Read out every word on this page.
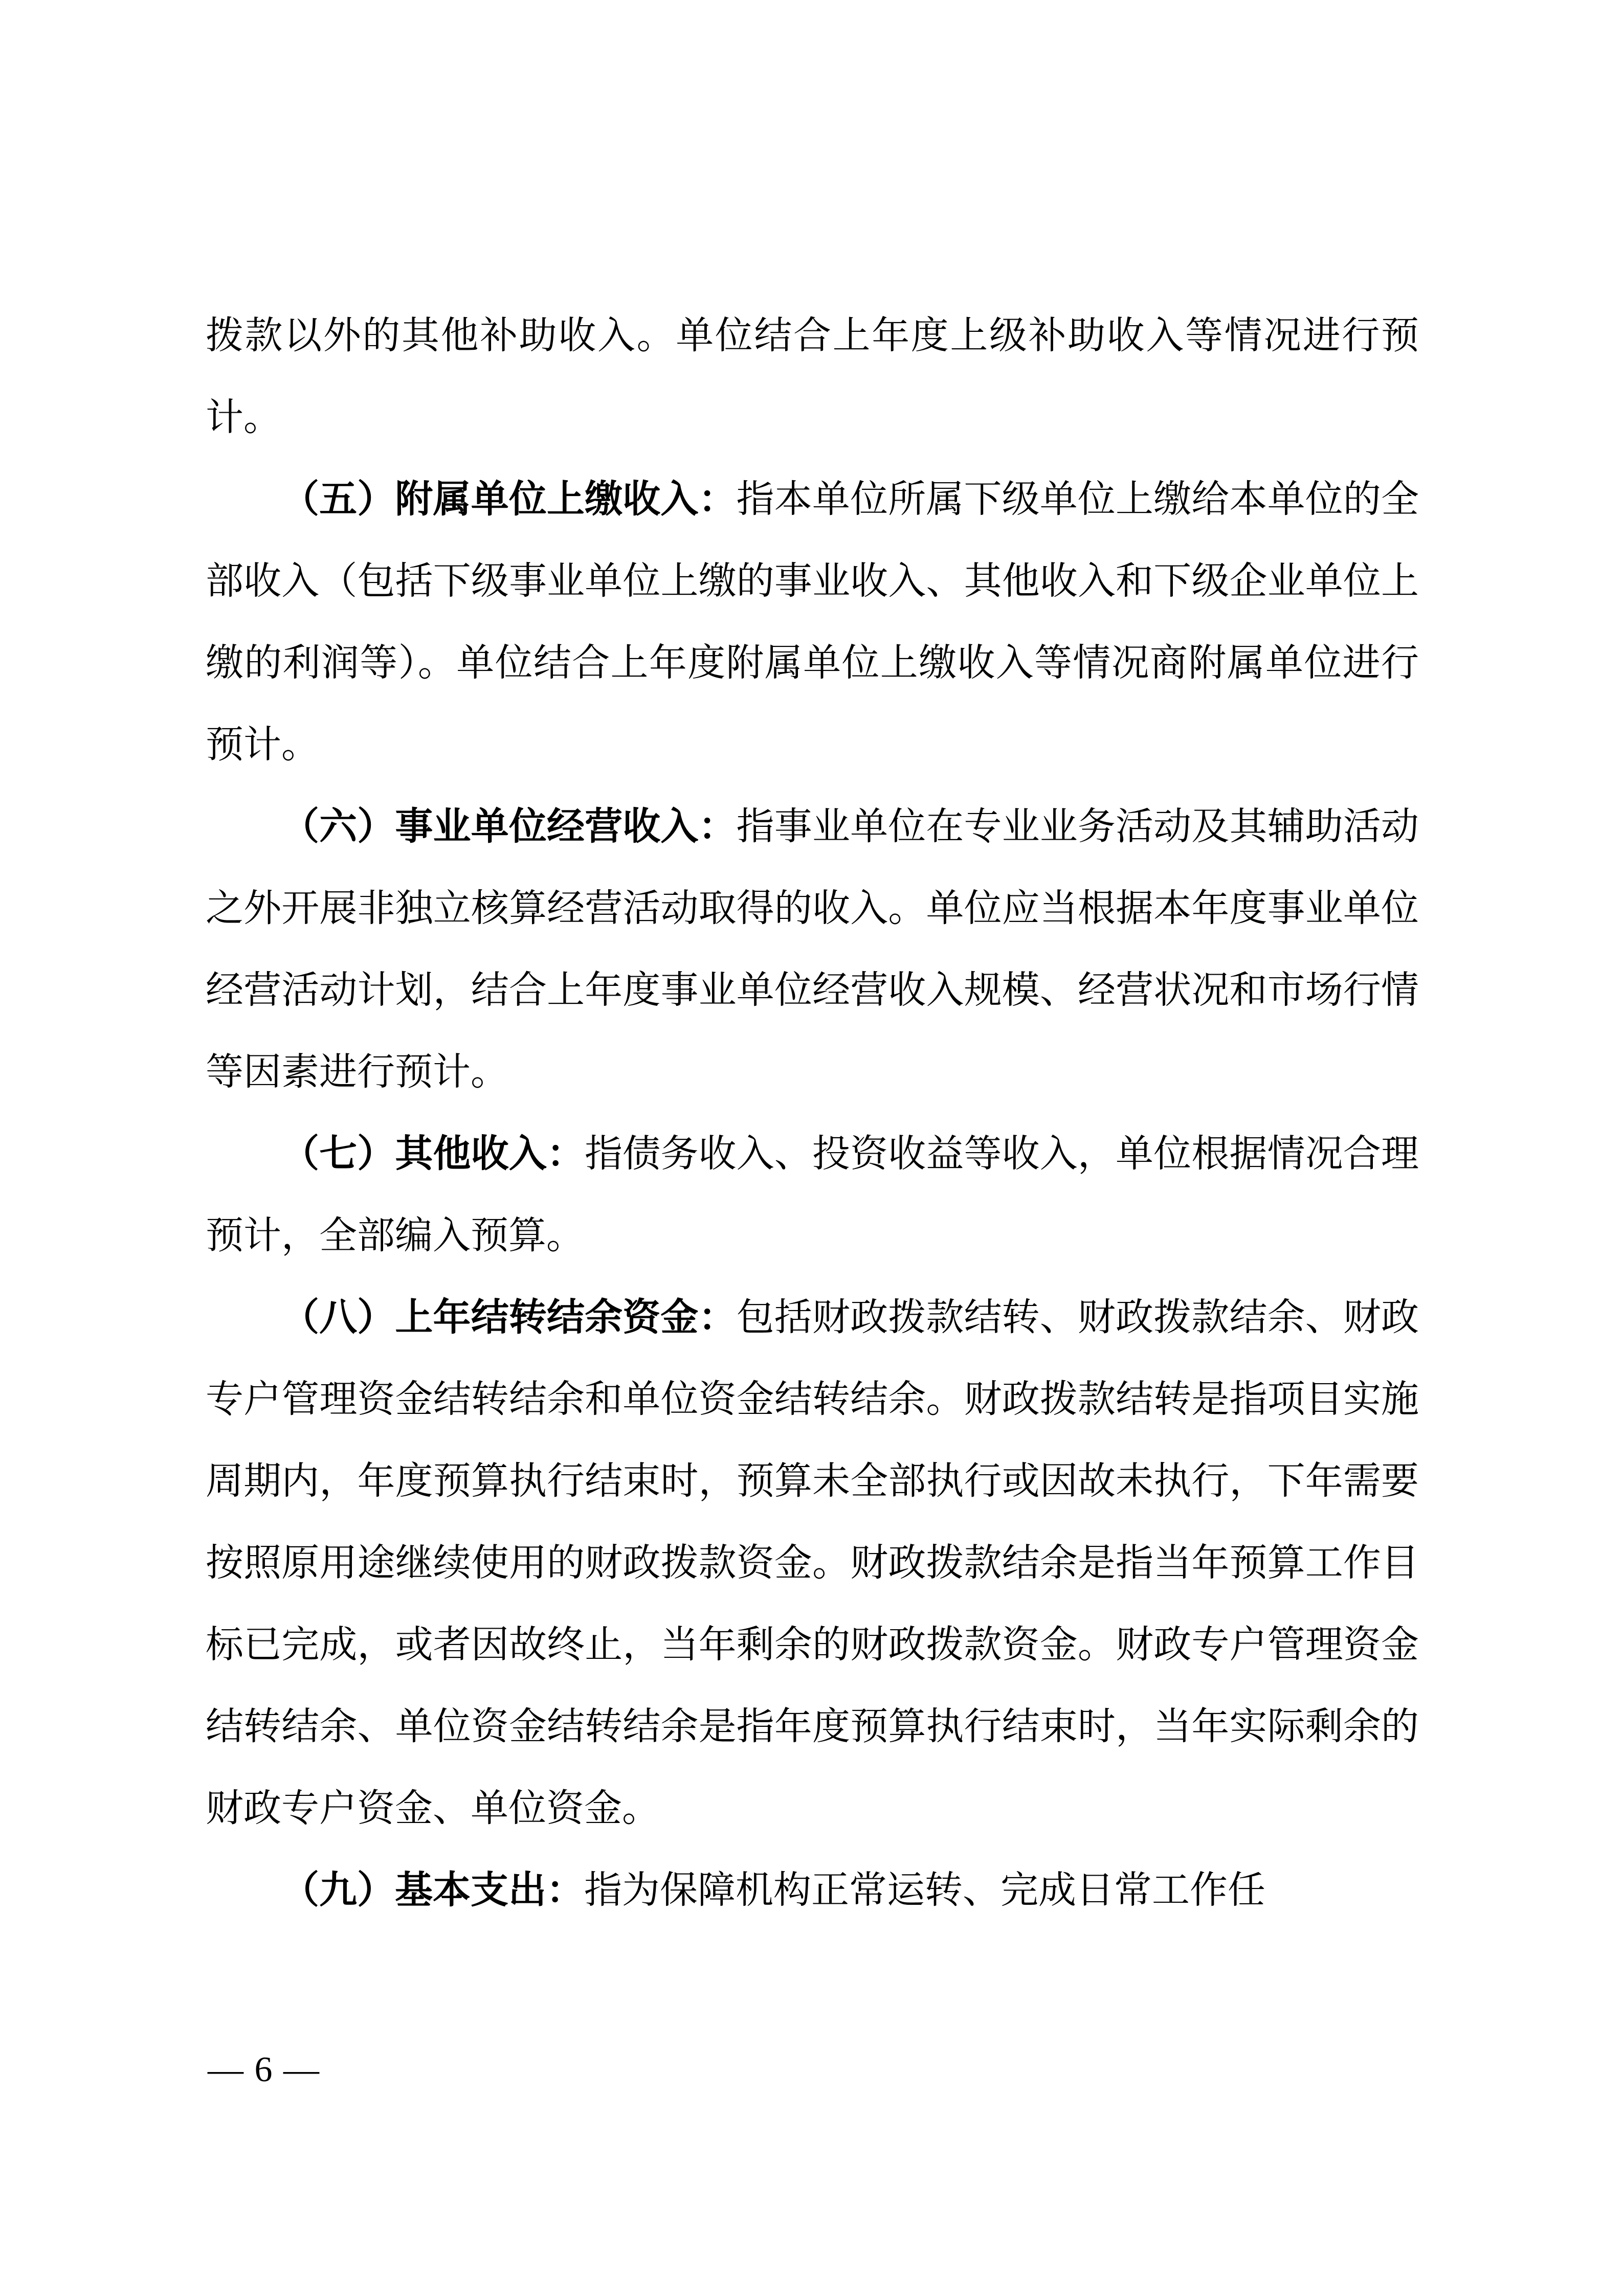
拨款以外的其他补助收入。单位结合上年度上级补助收入等情况进行预计。

（五）附属单位上缴收入：指本单位所属下级单位上缴给本单位的全部收入（包括下级事业单位上缴的事业收入、其他收入和下级企业单位上缴的利润等）。单位结合上年度附属单位上缴收入等情况商附属单位进行预计。

（六）事业单位经营收入：指事业单位在专业业务活动及其辅助活动之外开展非独立核算经营活动取得的收入。单位应当根据本年度事业单位经营活动计划，结合上年度事业单位经营收入规模、经营状况和市场行情等因素进行预计。

（七）其他收入：指债务收入、投资收益等收入，单位根据情况合理预计，全部编入预算。

（八）上年结转结余资金：包括财政拨款结转、财政拨款结余、财政专户管理资金结转结余和单位资金结转结余。财政拨款结转是指项目实施周期内，年度预算执行结束时，预算未全部执行或因故未执行，下年需要按照原用途继续使用的财政拨款资金。财政拨款结余是指当年预算工作目标已完成，或者因故终止，当年剩余的财政拨款资金。财政专户管理资金结转结余、单位资金结转结余是指年度预算执行结束时，当年实际剩余的财政专户资金、单位资金。

（九）基本支出：指为保障机构正常运转、完成日常工作任

— 6 —
